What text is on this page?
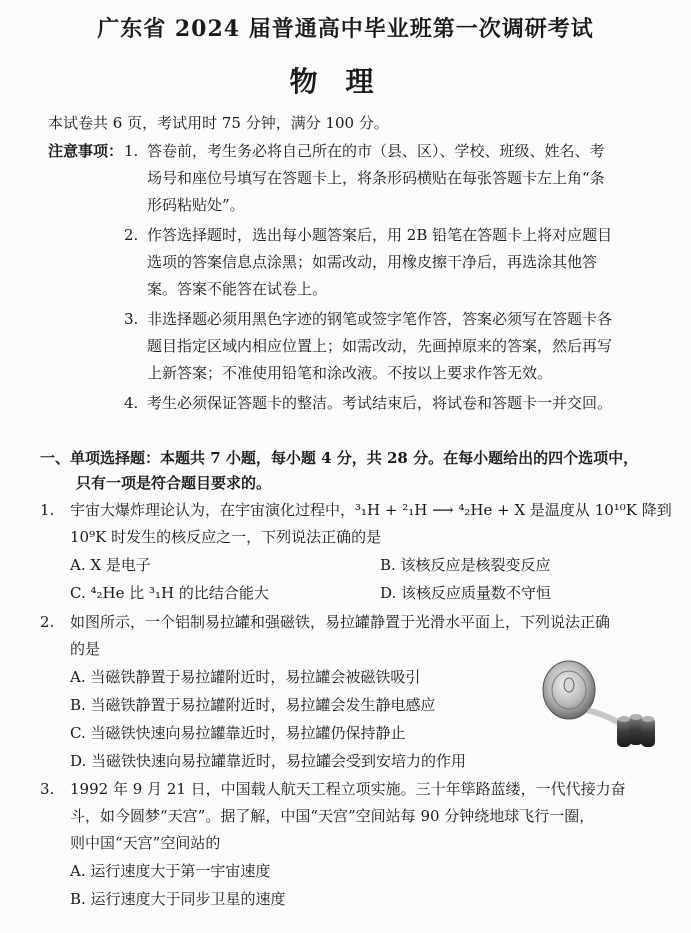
广东省 2024 届普通高中毕业班第一次调研考试
物理
本试卷共 6 页，考试用时 75 分钟，满分 100 分。
注意事项： 1. 答卷前，考生务必将自己所在的市（县、区）、学校、班级、姓名、考
场号和座位号填写在答题卡上，将条形码横贴在每张答题卡左上角“条
形码粘贴处”。
2. 作答选择题时，选出每小题答案后，用 2B 铅笔在答题卡上将对应题目
选项的答案信息点涂黑；如需改动，用橡皮擦干净后，再选涂其他答
案。答案不能答在试卷上。
3. 非选择题必须用黑色字迹的钢笔或签字笔作答，答案必须写在答题卡各
题目指定区域内相应位置上；如需改动，先画掉原来的答案，然后再写
上新答案；不准使用铅笔和涂改液。不按以上要求作答无效。
4. 考生必须保证答题卡的整洁。考试结束后，将试卷和答题卡一并交回。
一、单项选择题：本题共 7 小题，每小题 4 分，共 28 分。在每小题给出的四个选项中，
只有一项是符合题目要求的。
1. 宇宙大爆炸理论认为，在宇宙演化过程中，³₁H + ²₁H ⟶ ⁴₂He + X 是温度从 10¹⁰K 降到
10⁹K 时发生的核反应之一，下列说法正确的是
A. X 是电子	B. 该核反应是核裂变反应
C. ⁴₂He 比 ³₁H 的比结合能大	D. 该核反应质量数不守恒
2. 如图所示，一个铝制易拉罐和强磁铁，易拉罐静置于光滑水平面上，下列说法正确
的是
A. 当磁铁静置于易拉罐附近时，易拉罐会被磁铁吸引
B. 当磁铁静置于易拉罐附近时，易拉罐会发生静电感应
C. 当磁铁快速向易拉罐靠近时，易拉罐仍保持静止
D. 当磁铁快速向易拉罐靠近时，易拉罐会受到安培力的作用
3. 1992 年 9 月 21 日，中国载人航天工程立项实施。三十年筚路蓝缕，一代代接力奋
斗，如今圆梦“天宫”。据了解，中国“天宫”空间站每 90 分钟绕地球飞行一圈，
则中国“天宫”空间站的
A. 运行速度大于第一宇宙速度
B. 运行速度大于同步卫星的速度
